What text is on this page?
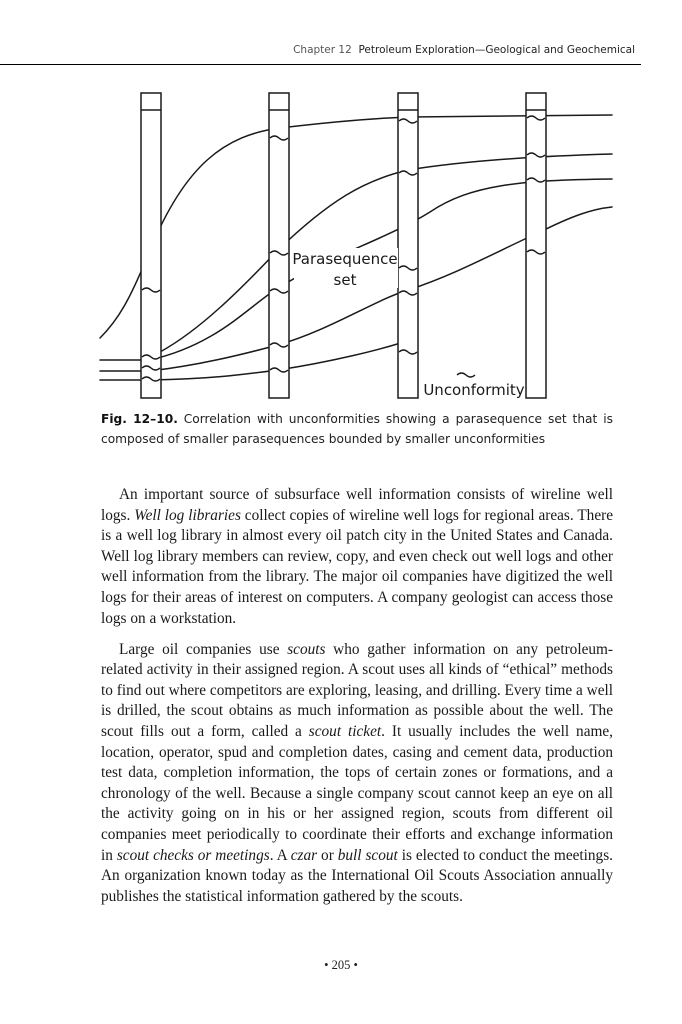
Chapter 12 Petroleum Exploration—Geological and Geochemical
Parasequence
set
Unconformity
Fig. 12–10. Correlation with unconformities showing a parasequence set that is composed of smaller parasequences bounded by smaller unconformities

An important source of subsurface well information consists of wireline well logs. Well log libraries collect copies of wireline well logs for regional areas. There is a well log library in almost every oil patch city in the United States and Canada. Well log library members can review, copy, and even check out well logs and other well information from the library. The major oil companies have digitized the well logs for their areas of interest on computers. A company geologist can access those logs on a workstation.

Large oil companies use scouts who gather information on any petroleum-related activity in their assigned region. A scout uses all kinds of “ethical” methods to find out where competitors are exploring, leasing, and drilling. Every time a well is drilled, the scout obtains as much information as possible about the well. The scout fills out a form, called a scout ticket. It usually includes the well name, location, operator, spud and completion dates, casing and cement data, production test data, completion information, the tops of certain zones or formations, and a chronology of the well. Because a single company scout cannot keep an eye on all the activity going on in his or her assigned region, scouts from different oil companies meet periodically to coordinate their efforts and exchange information in scout checks or meetings. A czar or bull scout is elected to conduct the meetings. An organization known today as the International Oil Scouts Association annually publishes the statistical information gathered by the scouts.

• 205 •
